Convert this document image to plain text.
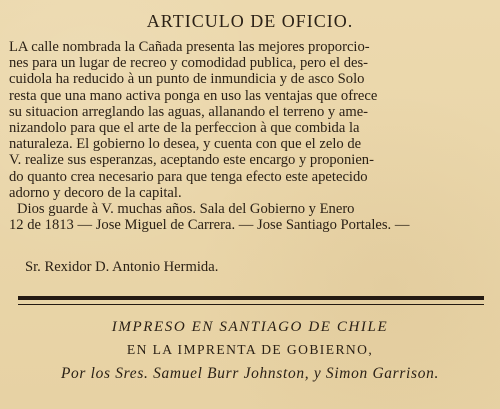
ARTICULO DE OFICIO.

LA calle nombrada la Cañada presenta las mejores proporcio-
nes para un lugar de recreo y comodidad publica, pero el des-
cuidola ha reducido à un punto de inmundicia y de asco Solo
resta que una mano activa ponga en uso las ventajas que ofrece
su situacion arreglando las aguas, allanando el terreno y ame-
nizandolo para que el arte de la perfeccion à que combida la
naturaleza. El gobierno lo desea, y cuenta con que el zelo de
V. realize sus esperanzas, aceptando este encargo y proponien-
do quanto crea necesario para que tenga efecto este apetecido
adorno y decoro de la capital.
Dios guarde à V. muchas años. Sala del Gobierno y Enero
12 de 1813 — Jose Miguel de Carrera. — Jose Santiago Portales. —

Sr. Rexidor D. Antonio Hermida.
IMPRESO EN SANTIAGO DE CHILE
EN LA IMPRENTA DE GOBIERNO,
Por los Sres. Samuel Burr Johnston, y Simon Garrison.
